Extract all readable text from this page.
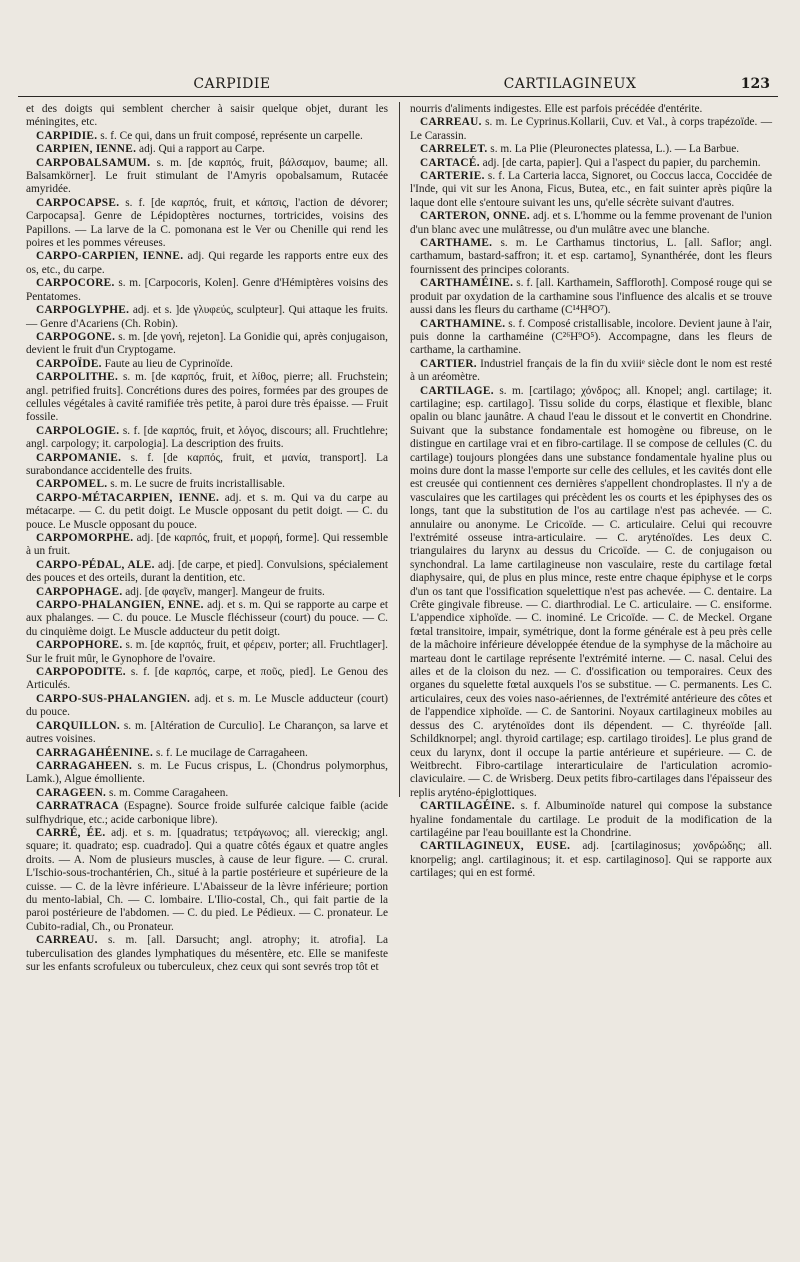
CARPIDIE	CARTILAGINEUX	123

et des doigts qui semblent chercher à saisir quelque objet, durant les méningites, etc.

CARPIDIE. s. f. Ce qui, dans un fruit composé, représente un carpelle.

CARPIEN, IENNE. adj. Qui a rapport au Carpe.

CARPOBALSAMUM. s. m. [de καρπός, fruit, βάλσαμον, baume; all. Balsamkörner]. Le fruit stimulant de l'Amyris opobalsamum, Rutacée amyridée.

CARPOCAPSE. s. f. [de καρπός, fruit, et κάπσις, l'action de dévorer; Carpocapsa]. Genre de Lépidoptères nocturnes, tortricides, voisins des Papillons. — La larve de la C. pomonana est le Ver ou Chenille qui rend les poires et les pommes véreuses.

CARPO-CARPIEN, IENNE. adj. Qui regarde les rapports entre eux des os, etc., du carpe.

CARPOCORE. s. m. [Carpocoris, Kolen]. Genre d'Hémiptères voisins des Pentatomes.

CARPOGLYPHE. adj. et s. ]de γλυφεύς, sculpteur]. Qui attaque les fruits. — Genre d'Acariens (Ch. Robin).

CARPOGONE. s. m. [de γονή, rejeton]. La Gonidie qui, après conjugaison, devient le fruit d'un Cryptogame.

CARPOÏDE. Faute au lieu de Cyprinoïde.

CARPOLITHE. s. m. [de καρπός, fruit, et λίθος, pierre; all. Fruchstein; angl. petrified fruits]. Concrétions dures des poires, formées par des groupes de cellules végétales à cavité ramifiée très petite, à paroi dure très épaisse. — Fruit fossile.

CARPOLOGIE. s. f. [de καρπός, fruit, et λόγος, discours; all. Fruchtlehre; angl. carpology; it. carpologia]. La description des fruits.

CARPOMANIE. s. f. [de καρπός, fruit, et μανία, transport]. La surabondance accidentelle des fruits.

CARPOMEL. s. m. Le sucre de fruits incristallisable.

CARPO-MÉTACARPIEN, IENNE. adj. et s. m. Qui va du carpe au métacarpe. — C. du petit doigt. Le Muscle opposant du petit doigt. — C. du pouce. Le Muscle opposant du pouce.

CARPOMORPHE. adj. [de καρπός, fruit, et μορφή, forme]. Qui ressemble à un fruit.

CARPO-PÉDAL, ALE. adj. [de carpe, et pied]. Convulsions, spécialement des pouces et des orteils, durant la dentition, etc.

CARPOPHAGE. adj. [de φαγεῖν, manger]. Mangeur de fruits.

CARPO-PHALANGIEN, ENNE. adj. et s. m. Qui se rapporte au carpe et aux phalanges. — C. du pouce. Le Muscle fléchisseur (court) du pouce. — C. du cinquième doigt. Le Muscle adducteur du petit doigt.

CARPOPHORE. s. m. [de καρπός, fruit, et φέρειν, porter; all. Fruchtlager]. Sur le fruit mûr, le Gynophore de l'ovaire.

CARPOPODITE. s. f. [de καρπός, carpe, et ποῦς, pied]. Le Genou des Articulés.

CARPO-SUS-PHALANGIEN. adj. et s. m. Le Muscle adducteur (court) du pouce.

CARQUILLON. s. m. [Altération de Curculio]. Le Charançon, sa larve et autres voisines.

CARRAGAHÉENINE. s. f. Le mucilage de Carragaheen.

CARRAGAHEEN. s. m. Le Fucus crispus, L. (Chondrus polymorphus, Lamk.), Algue émolliente.

CARAGEEN. s. m. Comme Caragaheen.

CARRATRACA (Espagne). Source froide sulfurée calcique faible (acide sulfhydrique, etc.; acide carbonique libre).

CARRÉ, ÉE. adj. et s. m. [quadratus; τετράγωνος; all. viereckig; angl. square; it. quadrato; esp. cuadrado]. Qui a quatre côtés égaux et quatre angles droits. — A. Nom de plusieurs muscles, à cause de leur figure. — C. crural. L'Ischio-sous-trochantérien, Ch., situé à la partie postérieure et supérieure de la cuisse. — C. de la lèvre inférieure. L'Abaisseur de la lèvre inférieure; portion du mento-labial, Ch. — C. lombaire. L'Ilio-costal, Ch., qui fait partie de la paroi postérieure de l'abdomen. — C. du pied. Le Pédieux. — C. pronateur. Le Cubito-radial, Ch., ou Pronateur.

CARREAU. s. m. [all. Darsucht; angl. atrophy; it. atrofia]. La tuberculisation des glandes lymphatiques du mésentère, etc. Elle se manifeste sur les enfants scrofuleux ou tuberculeux, chez ceux qui sont sevrés trop tôt et

nourris d'aliments indigestes. Elle est parfois précédée d'entérite.

CARREAU. s. m. Le Cyprinus.Kollarii, Cuv. et Val., à corps trapézoïde. — Le Carassin.

CARRELET. s. m. La Plie (Pleuronectes platessa, L.). — La Barbue.

CARTACÉ. adj. [de carta, papier]. Qui a l'aspect du papier, du parchemin.

CARTERIE. s. f. La Carteria lacca, Signoret, ou Coccus lacca, Coccidée de l'Inde, qui vit sur les Anona, Ficus, Butea, etc., en fait suinter après piqûre la laque dont elle s'entoure suivant les uns, qu'elle sécrète suivant d'autres.

CARTERON, ONNE. adj. et s. L'homme ou la femme provenant de l'union d'un blanc avec une mulâtresse, ou d'un mulâtre avec une blanche.

CARTHAME. s. m. Le Carthamus tinctorius, L. [all. Saflor; angl. carthamum, bastard-saffron; it. et esp. cartamo], Synanthérée, dont les fleurs fournissent des principes colorants.

CARTHAMÉINE. s. f. [all. Karthamein, Saffloroth]. Composé rouge qui se produit par oxydation de la carthamine sous l'influence des alcalis et se trouve aussi dans les fleurs du carthame (C¹⁴H⁸O⁷).

CARTHAMINE. s. f. Composé cristallisable, incolore. Devient jaune à l'air, puis donne la carthaméine (C²⁶H⁹O⁵). Accompagne, dans les fleurs de carthame, la carthamine.

CARTIER. Industriel français de la fin du xviiiᵉ siècle dont le nom est resté à un aréomètre.

CARTILAGE. s. m. [cartilago; χόνδρος; all. Knopel; angl. cartilage; it. cartilagine; esp. cartilago]. Tissu solide du corps, élastique et flexible, blanc opalin ou blanc jaunâtre. A chaud l'eau le dissout et le convertit en Chondrine. Suivant que la substance fondamentale est homogène ou fibreuse, on le distingue en cartilage vrai et en fibro-cartilage. Il se compose de cellules (C. du cartilage) toujours plongées dans une substance fondamentale hyaline plus ou moins dure dont la masse l'emporte sur celle des cellules, et les cavités dont elle est creusée qui contiennent ces dernières s'appellent chondroplastes. Il n'y a de vasculaires que les cartilages qui précèdent les os courts et les épiphyses des os longs, tant que la substitution de l'os au cartilage n'est pas achevée. — C. annulaire ou anonyme. Le Cricoïde. — C. articulaire. Celui qui recouvre l'extrémité osseuse intra-articulaire. — C. aryténoïdes. Les deux C. triangulaires du larynx au dessus du Cricoïde. — C. de conjugaison ou synchondral. La lame cartilagineuse non vasculaire, reste du cartilage fœtal diaphysaire, qui, de plus en plus mince, reste entre chaque épiphyse et le corps d'un os tant que l'ossification squelettique n'est pas achevée. — C. dentaire. La Crête gingivale fibreuse. — C. diarthrodial. Le C. articulaire. — C. ensiforme. L'appendice xiphoïde. — C. inominé. Le Cricoïde. — C. de Meckel. Organe fœtal transitoire, impair, symétrique, dont la forme générale est à peu près celle de la mâchoire inférieure développée étendue de la symphyse de la mâchoire au marteau dont le cartilage représente l'extrémité interne. — C. nasal. Celui des ailes et de la cloison du nez. — C. d'ossification ou temporaires. Ceux des organes du squelette fœtal auxquels l'os se substitue. — C. permanents. Les C. articulaires, ceux des voies naso-aériennes, de l'extrémité antérieure des côtes et de l'appendice xiphoïde. — C. de Santorini. Noyaux cartilagineux mobiles au dessus des C. aryténoïdes dont ils dépendent. — C. thyréoïde [all. Schildknorpel; angl. thyroid cartilage; esp. cartilago tiroides]. Le plus grand de ceux du larynx, dont il occupe la partie antérieure et supérieure. — C. de Weitbrecht. Fibro-cartilage interarticulaire de l'articulation acromio-claviculaire. — C. de Wrisberg. Deux petits fibro-cartilages dans l'épaisseur des replis aryténo-épiglottiques.

CARTILAGÉINE. s. f. Albuminoïde naturel qui compose la substance hyaline fondamentale du cartilage. Le produit de la modification de la cartilagéine par l'eau bouillante est la Chondrine.

CARTILAGINEUX, EUSE. adj. [cartilaginosus; χονδρώδης; all. knorpelig; angl. cartilaginous; it. et esp. cartilaginoso]. Qui se rapporte aux cartilages; qui en est formé.
